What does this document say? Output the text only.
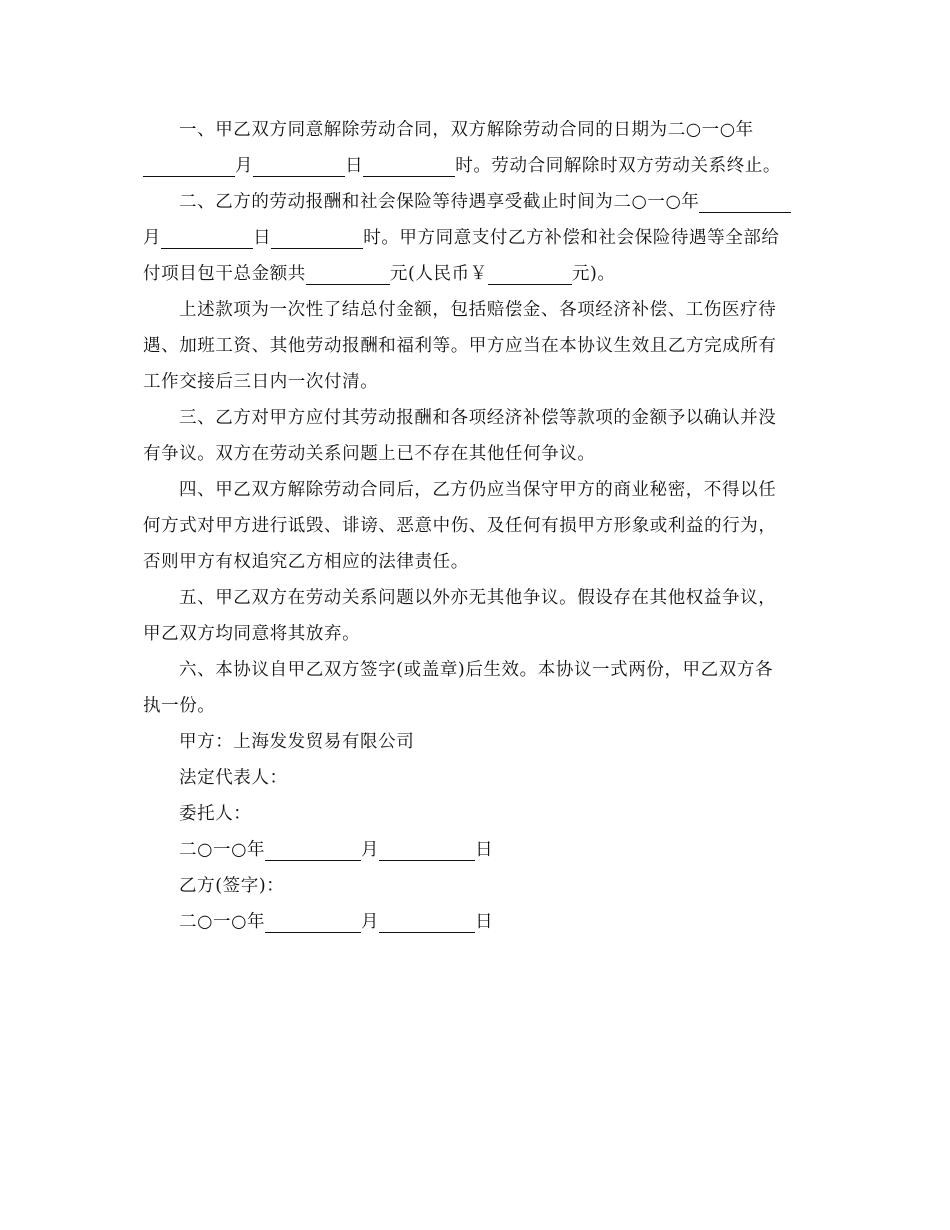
一、甲乙双方同意解除劳动合同，双方解除劳动合同的日期为二○一○年
月	日	时。劳动合同解除时双方劳动关系终止。
二、乙方的劳动报酬和社会保险等待遇享受截止时间为二○一○年
月	日	时。甲方同意支付乙方补偿和社会保险待遇等全部给
付项目包干总金额共	元(人民币￥	元)。
上述款项为一次性了结总付金额，包括赔偿金、各项经济补偿、工伤医疗待
遇、加班工资、其他劳动报酬和福利等。甲方应当在本协议生效且乙方完成所有
工作交接后三日内一次付清。
三、乙方对甲方应付其劳动报酬和各项经济补偿等款项的金额予以确认并没
有争议。双方在劳动关系问题上已不存在其他任何争议。
四、甲乙双方解除劳动合同后，乙方仍应当保守甲方的商业秘密，不得以任
何方式对甲方进行诋毁、诽谤、恶意中伤、及任何有损甲方形象或利益的行为，
否则甲方有权追究乙方相应的法律责任。
五、甲乙双方在劳动关系问题以外亦无其他争议。假设存在其他权益争议，
甲乙双方均同意将其放弃。
六、本协议自甲乙双方签字(或盖章)后生效。本协议一式两份，甲乙双方各
执一份。
甲方：上海发发贸易有限公司
法定代表人：
委托人：
二○一○年	月	日
乙方(签字)：
二○一○年	月	日
